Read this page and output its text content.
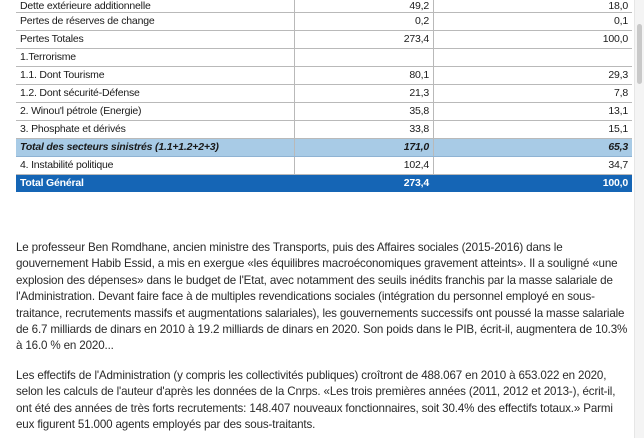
Dette extérieure additionnelle	49,2	18,0
Pertes de réserves de change	0,2	0,1
Pertes Totales	273,4	100,0
1.Terrorisme		
1.1. Dont Tourisme	80,1	29,3
1.2. Dont sécurité-Défense	21,3	7,8
2. Winou'l pétrole (Energie)	35,8	13,1
3. Phosphate et dérivés	33,8	15,1
Total des secteurs sinistrés (1.1+1.2+2+3)	171,0	65,3
4. Instabilité politique	102,4	34,7
Total Général	273,4	100,0

Le professeur Ben Romdhane, ancien ministre des Transports, puis des Affaires sociales (2015-2016) dans le gouvernement Habib Essid, a mis en exergue «les équilibres macroéconomiques gravement atteints». Il a souligné «une explosion des dépenses» dans le budget de l'Etat, avec notamment des seuils inédits franchis par la masse salariale de l'Administration. Devant faire face à de multiples revendications sociales (intégration du personnel employé en sous-traitance, recrutements massifs et augmentations salariales), les gouvernements successifs ont poussé la masse salariale de 6.7 milliards de dinars en 2010 à 19.2 milliards de dinars en 2020. Son poids dans le PIB, écrit-il, augmentera de 10.3% à 16.0 % en 2020...

Les effectifs de l'Administration (y compris les collectivités publiques) croîtront de 488.067 en 2010 à 653.022 en 2020, selon les calculs de l'auteur d'après les données de la Cnrps. «Les trois premières années (2011, 2012 et 2013-), écrit-il, ont été des années de très forts recrutements: 148.407 nouveaux fonctionnaires, soit 30.4% des effectifs totaux.» Parmi eux figurent 51.000 agents employés par des sous-traitants.
